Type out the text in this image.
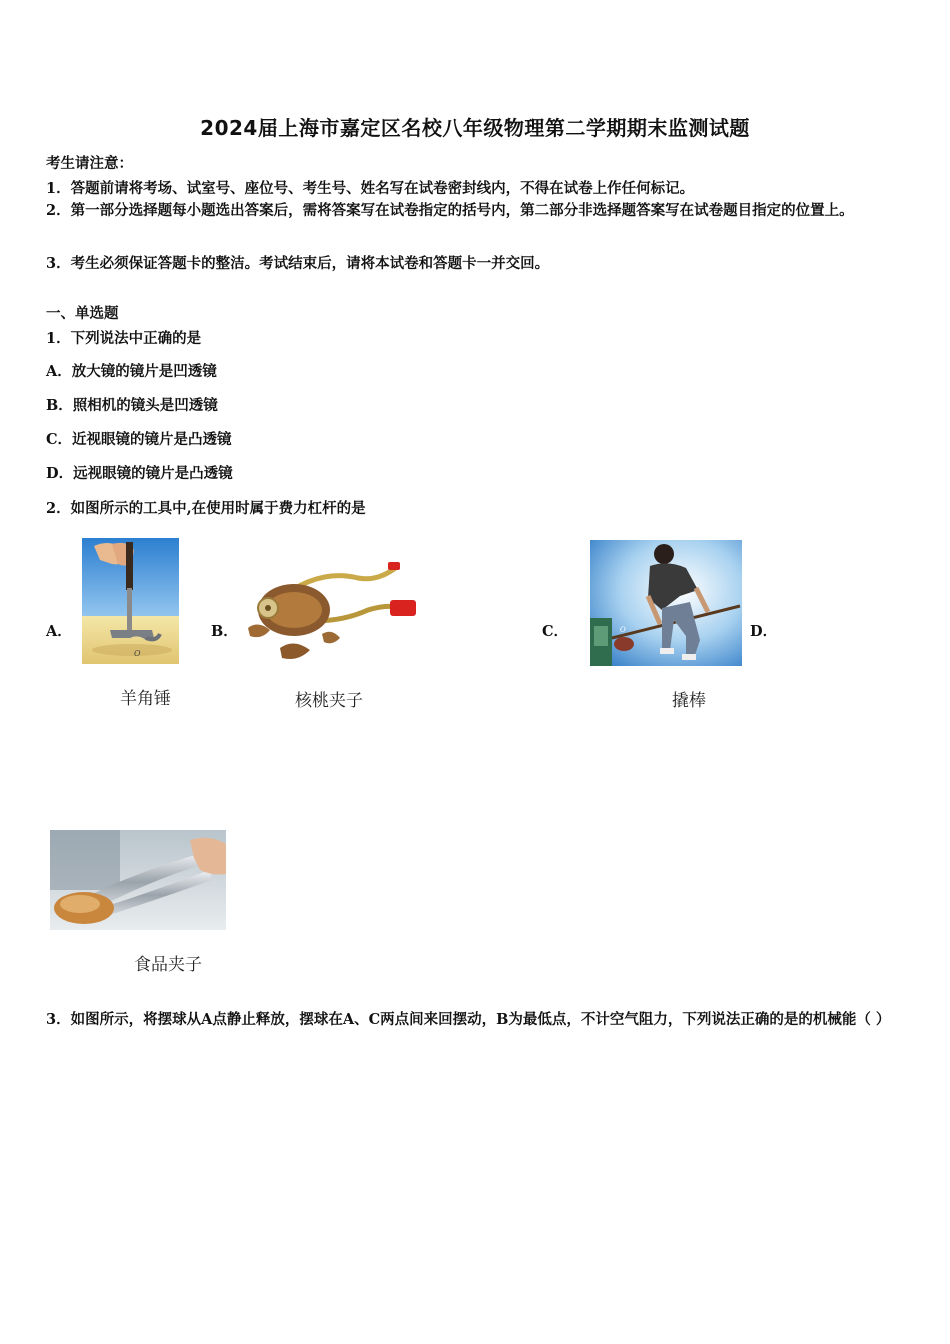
2024届上海市嘉定区名校八年级物理第二学期期末监测试题
考生请注意：
1．答题前请将考场、试室号、座位号、考生号、姓名写在试卷密封线内，不得在试卷上作任何标记。
2．第一部分选择题每小题选出答案后，需将答案写在试卷指定的括号内，第二部分非选择题答案写在试卷题目指定的位置上。
3．考生必须保证答题卡的整洁。考试结束后，请将本试卷和答题卡一并交回。
一、单选题
1．下列说法中正确的是
A．放大镜的镜片是凹透镜
B．照相机的镜头是凹透镜
C．近视眼镜的镜片是凸透镜
D．远视眼镜的镜片是凸透镜
2．如图所示的工具中,在使用时属于费力杠杆的是
A．	B．	C．	D．
O
O
羊角锤	核桃夹子	撬棒
食品夹子
3．如图所示，将摆球从A点静止释放，摆球在A、C两点间来回摆动，B为最低点，不计空气阻力，下列说法正确的是的机械能（ ）
